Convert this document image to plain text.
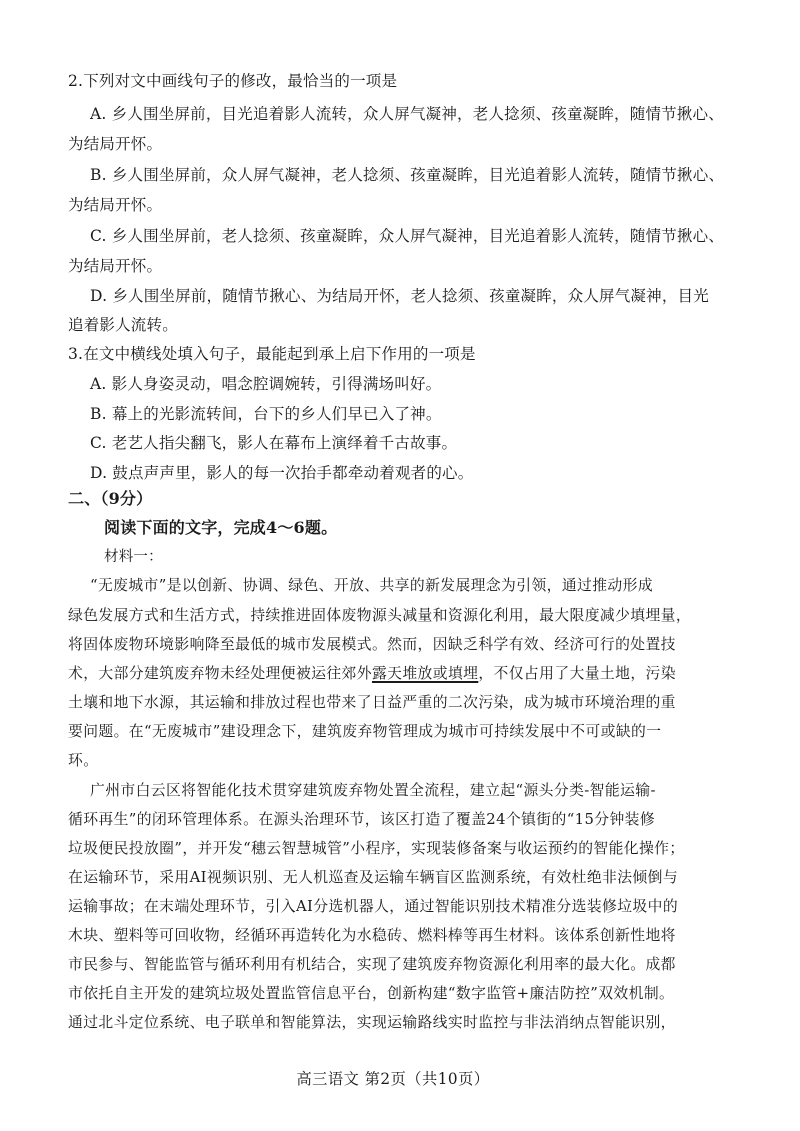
2.下列对文中画线句子的修改，最恰当的一项是
A. 乡人围坐屏前，目光追着影人流转，众人屏气凝神，老人捻须、孩童凝眸，随情节揪心、
为结局开怀。
B. 乡人围坐屏前，众人屏气凝神，老人捻须、孩童凝眸，目光追着影人流转，随情节揪心、
为结局开怀。
C. 乡人围坐屏前，老人捻须、孩童凝眸，众人屏气凝神，目光追着影人流转，随情节揪心、
为结局开怀。
D. 乡人围坐屏前，随情节揪心、为结局开怀，老人捻须、孩童凝眸，众人屏气凝神，目光
追着影人流转。
3.在文中横线处填入句子，最能起到承上启下作用的一项是
A. 影人身姿灵动，唱念腔调婉转，引得满场叫好。
B. 幕上的光影流转间，台下的乡人们早已入了神。
C. 老艺人指尖翻飞，影人在幕布上演绎着千古故事。
D. 鼓点声声里，影人的每一次抬手都牵动着观者的心。
二、（9分）
阅读下面的文字，完成4～6题。
材料一：
“无废城市”是以创新、协调、绿色、开放、共享的新发展理念为引领，通过推动形成
绿色发展方式和生活方式，持续推进固体废物源头减量和资源化利用，最大限度减少填埋量，
将固体废物环境影响降至最低的城市发展模式。然而，因缺乏科学有效、经济可行的处置技
术，大部分建筑废弃物未经处理便被运往郊外露天堆放或填埋，不仅占用了大量土地，污染
土壤和地下水源，其运输和排放过程也带来了日益严重的二次污染，成为城市环境治理的重
要问题。在“无废城市”建设理念下，建筑废弃物管理成为城市可持续发展中不可或缺的一
环。
广州市白云区将智能化技术贯穿建筑废弃物处置全流程，建立起“源头分类-智能运输-
循环再生”的闭环管理体系。在源头治理环节，该区打造了覆盖24个镇街的“15分钟装修
垃圾便民投放圈”，并开发“穗云智慧城管”小程序，实现装修备案与收运预约的智能化操作；
在运输环节，采用AI视频识别、无人机巡查及运输车辆盲区监测系统，有效杜绝非法倾倒与
运输事故；在末端处理环节，引入AI分选机器人，通过智能识别技术精准分选装修垃圾中的
木块、塑料等可回收物，经循环再造转化为水稳砖、燃料棒等再生材料。该体系创新性地将
市民参与、智能监管与循环利用有机结合，实现了建筑废弃物资源化利用率的最大化。成都
市依托自主开发的建筑垃圾处置监管信息平台，创新构建“数字监管+廉洁防控”双效机制。
通过北斗定位系统、电子联单和智能算法，实现运输路线实时监控与非法消纳点智能识别，
高三语文 第2页（共10页）
